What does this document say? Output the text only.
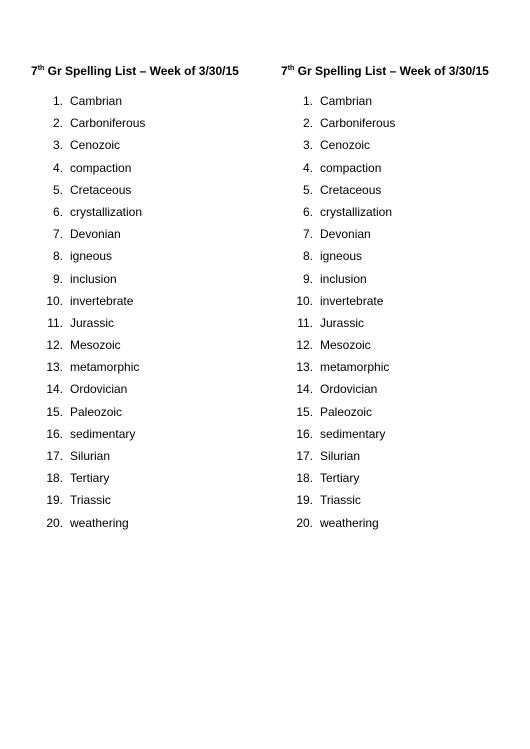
7th Gr Spelling List – Week of 3/30/15
1. Cambrian
2. Carboniferous
3. Cenozoic
4. compaction
5. Cretaceous
6. crystallization
7. Devonian
8. igneous
9. inclusion
10. invertebrate
11. Jurassic
12. Mesozoic
13. metamorphic
14. Ordovician
15. Paleozoic
16. sedimentary
17. Silurian
18. Tertiary
19. Triassic
20. weathering
7th Gr Spelling List – Week of 3/30/15
1. Cambrian
2. Carboniferous
3. Cenozoic
4. compaction
5. Cretaceous
6. crystallization
7. Devonian
8. igneous
9. inclusion
10. invertebrate
11. Jurassic
12. Mesozoic
13. metamorphic
14. Ordovician
15. Paleozoic
16. sedimentary
17. Silurian
18. Tertiary
19. Triassic
20. weathering
